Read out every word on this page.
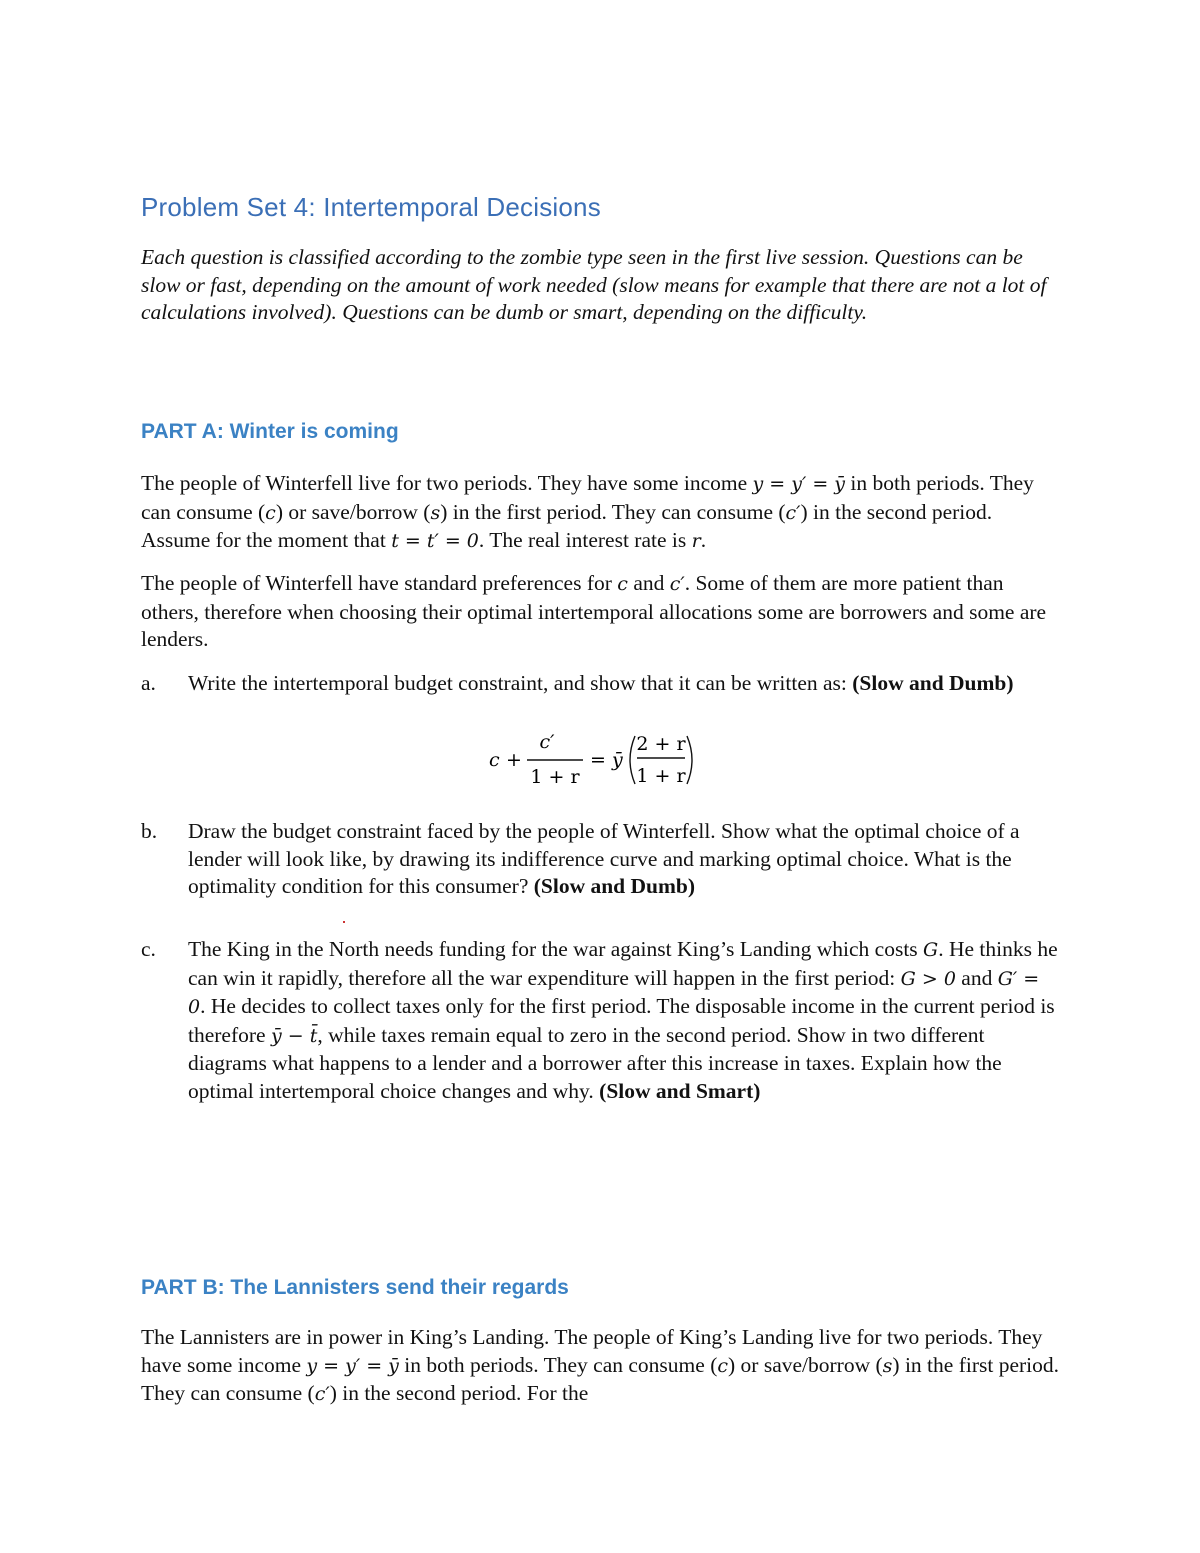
Problem Set 4: Intertemporal Decisions
Each question is classified according to the zombie type seen in the first live session. Questions can be slow or fast, depending on the amount of work needed (slow means for example that there are not a lot of calculations involved). Questions can be dumb or smart, depending on the difficulty.
PART A: Winter is coming
The people of Winterfell live for two periods. They have some income y = y′ = ȳ in both periods. They can consume (c) or save/borrow (s) in the first period. They can consume (c′) in the second period. Assume for the moment that t = t′ = 0. The real interest rate is r.
The people of Winterfell have standard preferences for c and c′. Some of them are more patient than others, therefore when choosing their optimal intertemporal allocations some are borrowers and some are lenders.
a. Write the intertemporal budget constraint, and show that it can be written as: (Slow and Dumb)
c +
c′
1 + r
= ȳ
2 + r
1 + r
b. Draw the budget constraint faced by the people of Winterfell. Show what the optimal choice of a lender will look like, by drawing its indifference curve and marking optimal choice. What is the optimality condition for this consumer? (Slow and Dumb)
c. The King in the North needs funding for the war against King’s Landing which costs G. He thinks he can win it rapidly, therefore all the war expenditure will happen in the first period: G > 0 and G′ = 0. He decides to collect taxes only for the first period. The disposable income in the current period is therefore ȳ − t̄, while taxes remain equal to zero in the second period. Show in two different diagrams what happens to a lender and a borrower after this increase in taxes. Explain how the optimal intertemporal choice changes and why. (Slow and Smart)
PART B: The Lannisters send their regards
The Lannisters are in power in King’s Landing. The people of King’s Landing live for two periods. They have some income y = y′ = ȳ in both periods. They can consume (c) or save/borrow (s) in the first period. They can consume (c′) in the second period. For the
